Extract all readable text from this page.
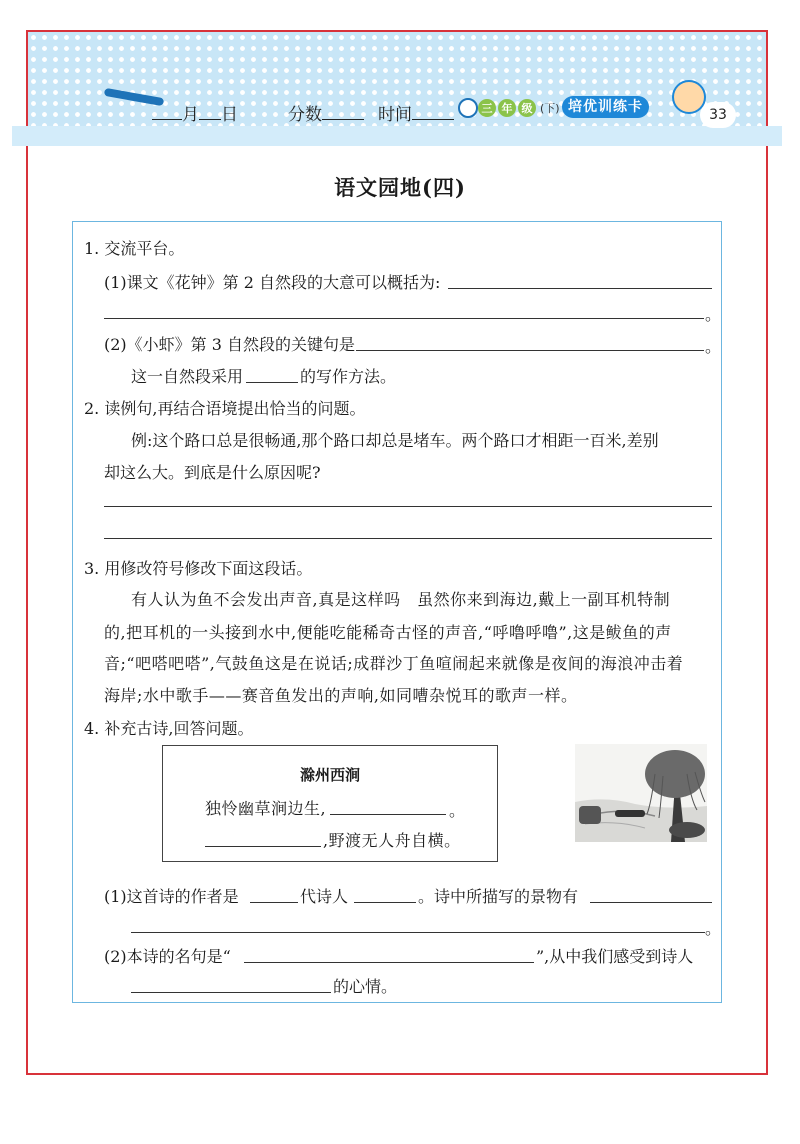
月 日	分数	时间	三 年 级 (下) 培优训练卡	33
语文园地(四)
1. 交流平台。
(1)课文《花钟》第 2 自然段的大意可以概括为:
。
(2)《小虾》第 3 自然段的关键句是	。
这一自然段采用	的写作方法。
2. 读例句,再结合语境提出恰当的问题。
例:这个路口总是很畅通,那个路口却总是堵车。两个路口才相距一百米,差别
却这么大。到底是什么原因呢?
3. 用修改符号修改下面这段话。
有人认为鱼不会发出声音,真是这样吗　虽然你来到海边,戴上一副耳机特制
的,把耳机的一头接到水中,便能吃能稀奇古怪的声音,“呼噜呼噜”,这是鲅鱼的声
音;“吧嗒吧嗒”,气鼓鱼这是在说话;成群沙丁鱼喧闹起来就像是夜间的海浪冲击着
海岸;水中歌手——赛音鱼发出的声响,如同嘈杂悦耳的歌声一样。
4. 补充古诗,回答问题。
滁州西涧
独怜幽草涧边生,	。
,野渡无人舟自横。
(1)这首诗的作者是	代诗人	。诗中所描写的景物有
。
(2)本诗的名句是“	”,从中我们感受到诗人
的心情。
